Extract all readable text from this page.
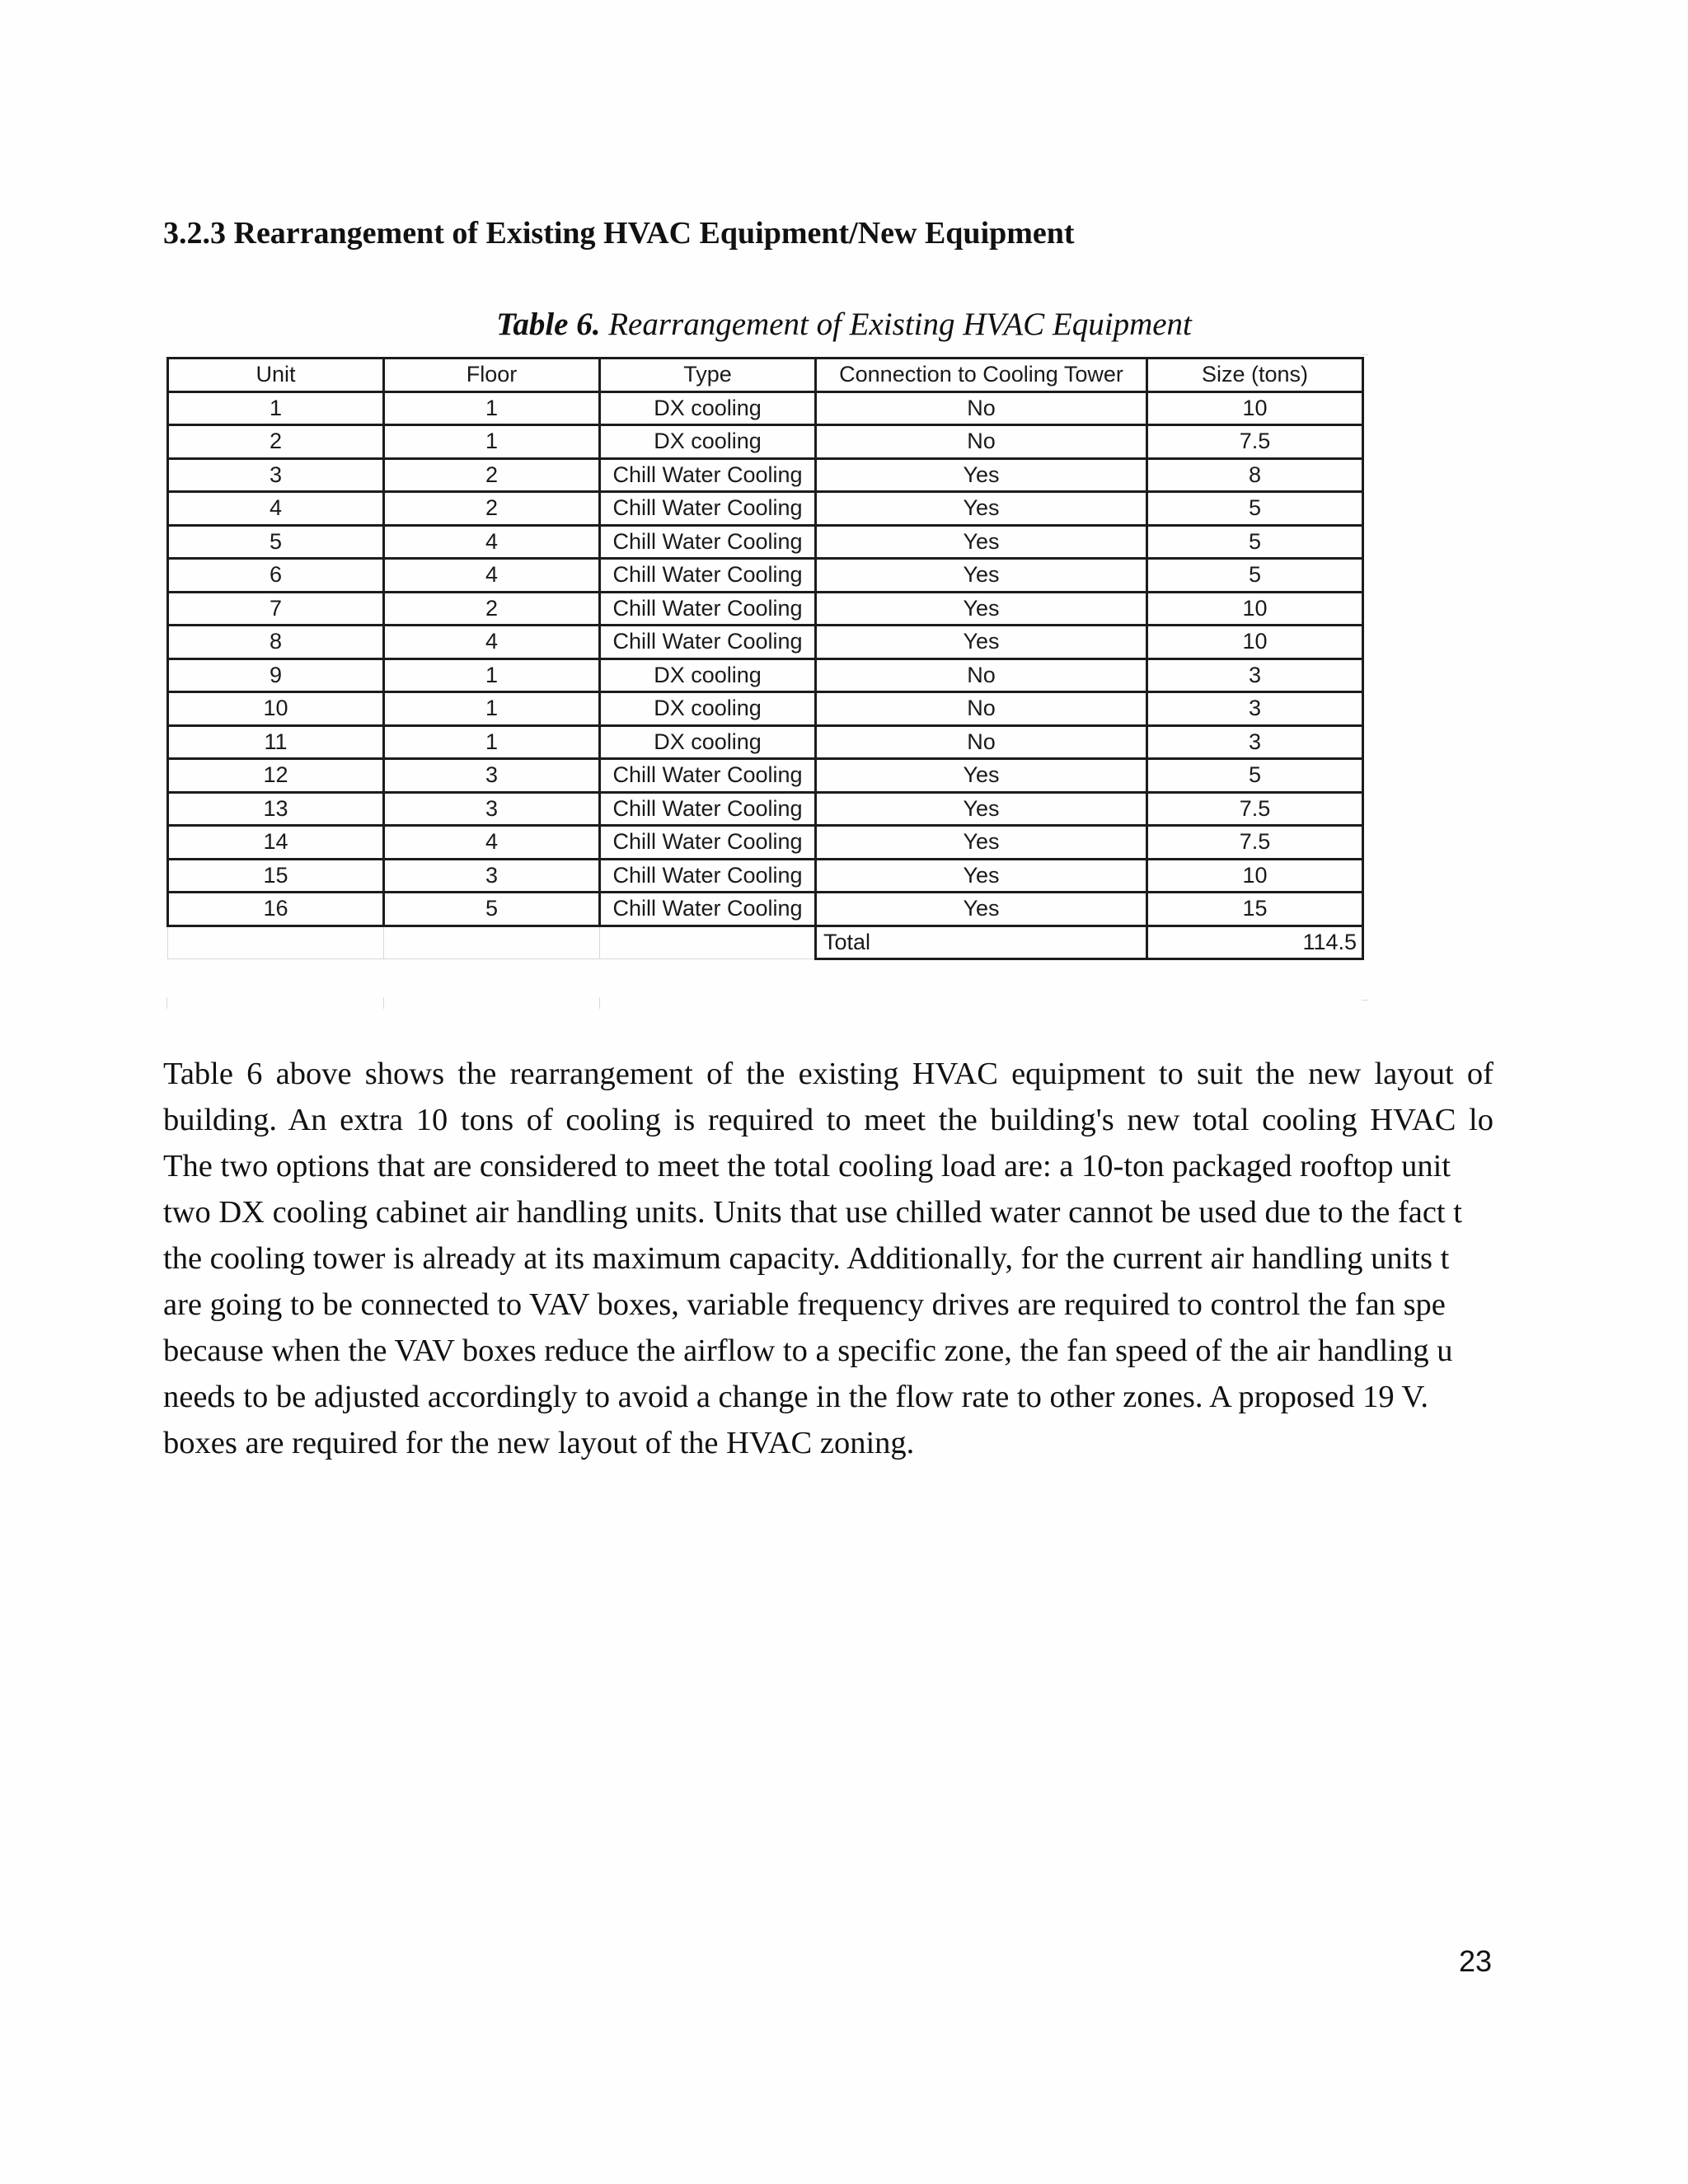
3.2.3 Rearrangement of Existing HVAC Equipment/New Equipment
Table 6. Rearrangement of Existing HVAC Equipment
Unit	Floor	Type	Connection to Cooling Tower	Size (tons)
1	1	DX cooling	No	10
2	1	DX cooling	No	7.5
3	2	Chill Water Cooling	Yes	8
4	2	Chill Water Cooling	Yes	5
5	4	Chill Water Cooling	Yes	5
6	4	Chill Water Cooling	Yes	5
7	2	Chill Water Cooling	Yes	10
8	4	Chill Water Cooling	Yes	10
9	1	DX cooling	No	3
10	1	DX cooling	No	3
11	1	DX cooling	No	3
12	3	Chill Water Cooling	Yes	5
13	3	Chill Water Cooling	Yes	7.5
14	4	Chill Water Cooling	Yes	7.5
15	3	Chill Water Cooling	Yes	10
16	5	Chill Water Cooling	Yes	15
			Total	114.5
Table 6 above shows the rearrangement of the existing HVAC equipment to suit the new layout of
building. An extra 10 tons of cooling is required to meet the building's new total cooling HVAC lo
The two options that are considered to meet the total cooling load are: a 10-ton packaged rooftop unit
two DX cooling cabinet air handling units. Units that use chilled water cannot be used due to the fact t
the cooling tower is already at its maximum capacity. Additionally, for the current air handling units t
are going to be connected to VAV boxes, variable frequency drives are required to control the fan spe
because when the VAV boxes reduce the airflow to a specific zone, the fan speed of the air handling u
needs to be adjusted accordingly to avoid a change in the flow rate to other zones. A proposed 19 V.
boxes are required for the new layout of the HVAC zoning.
23
